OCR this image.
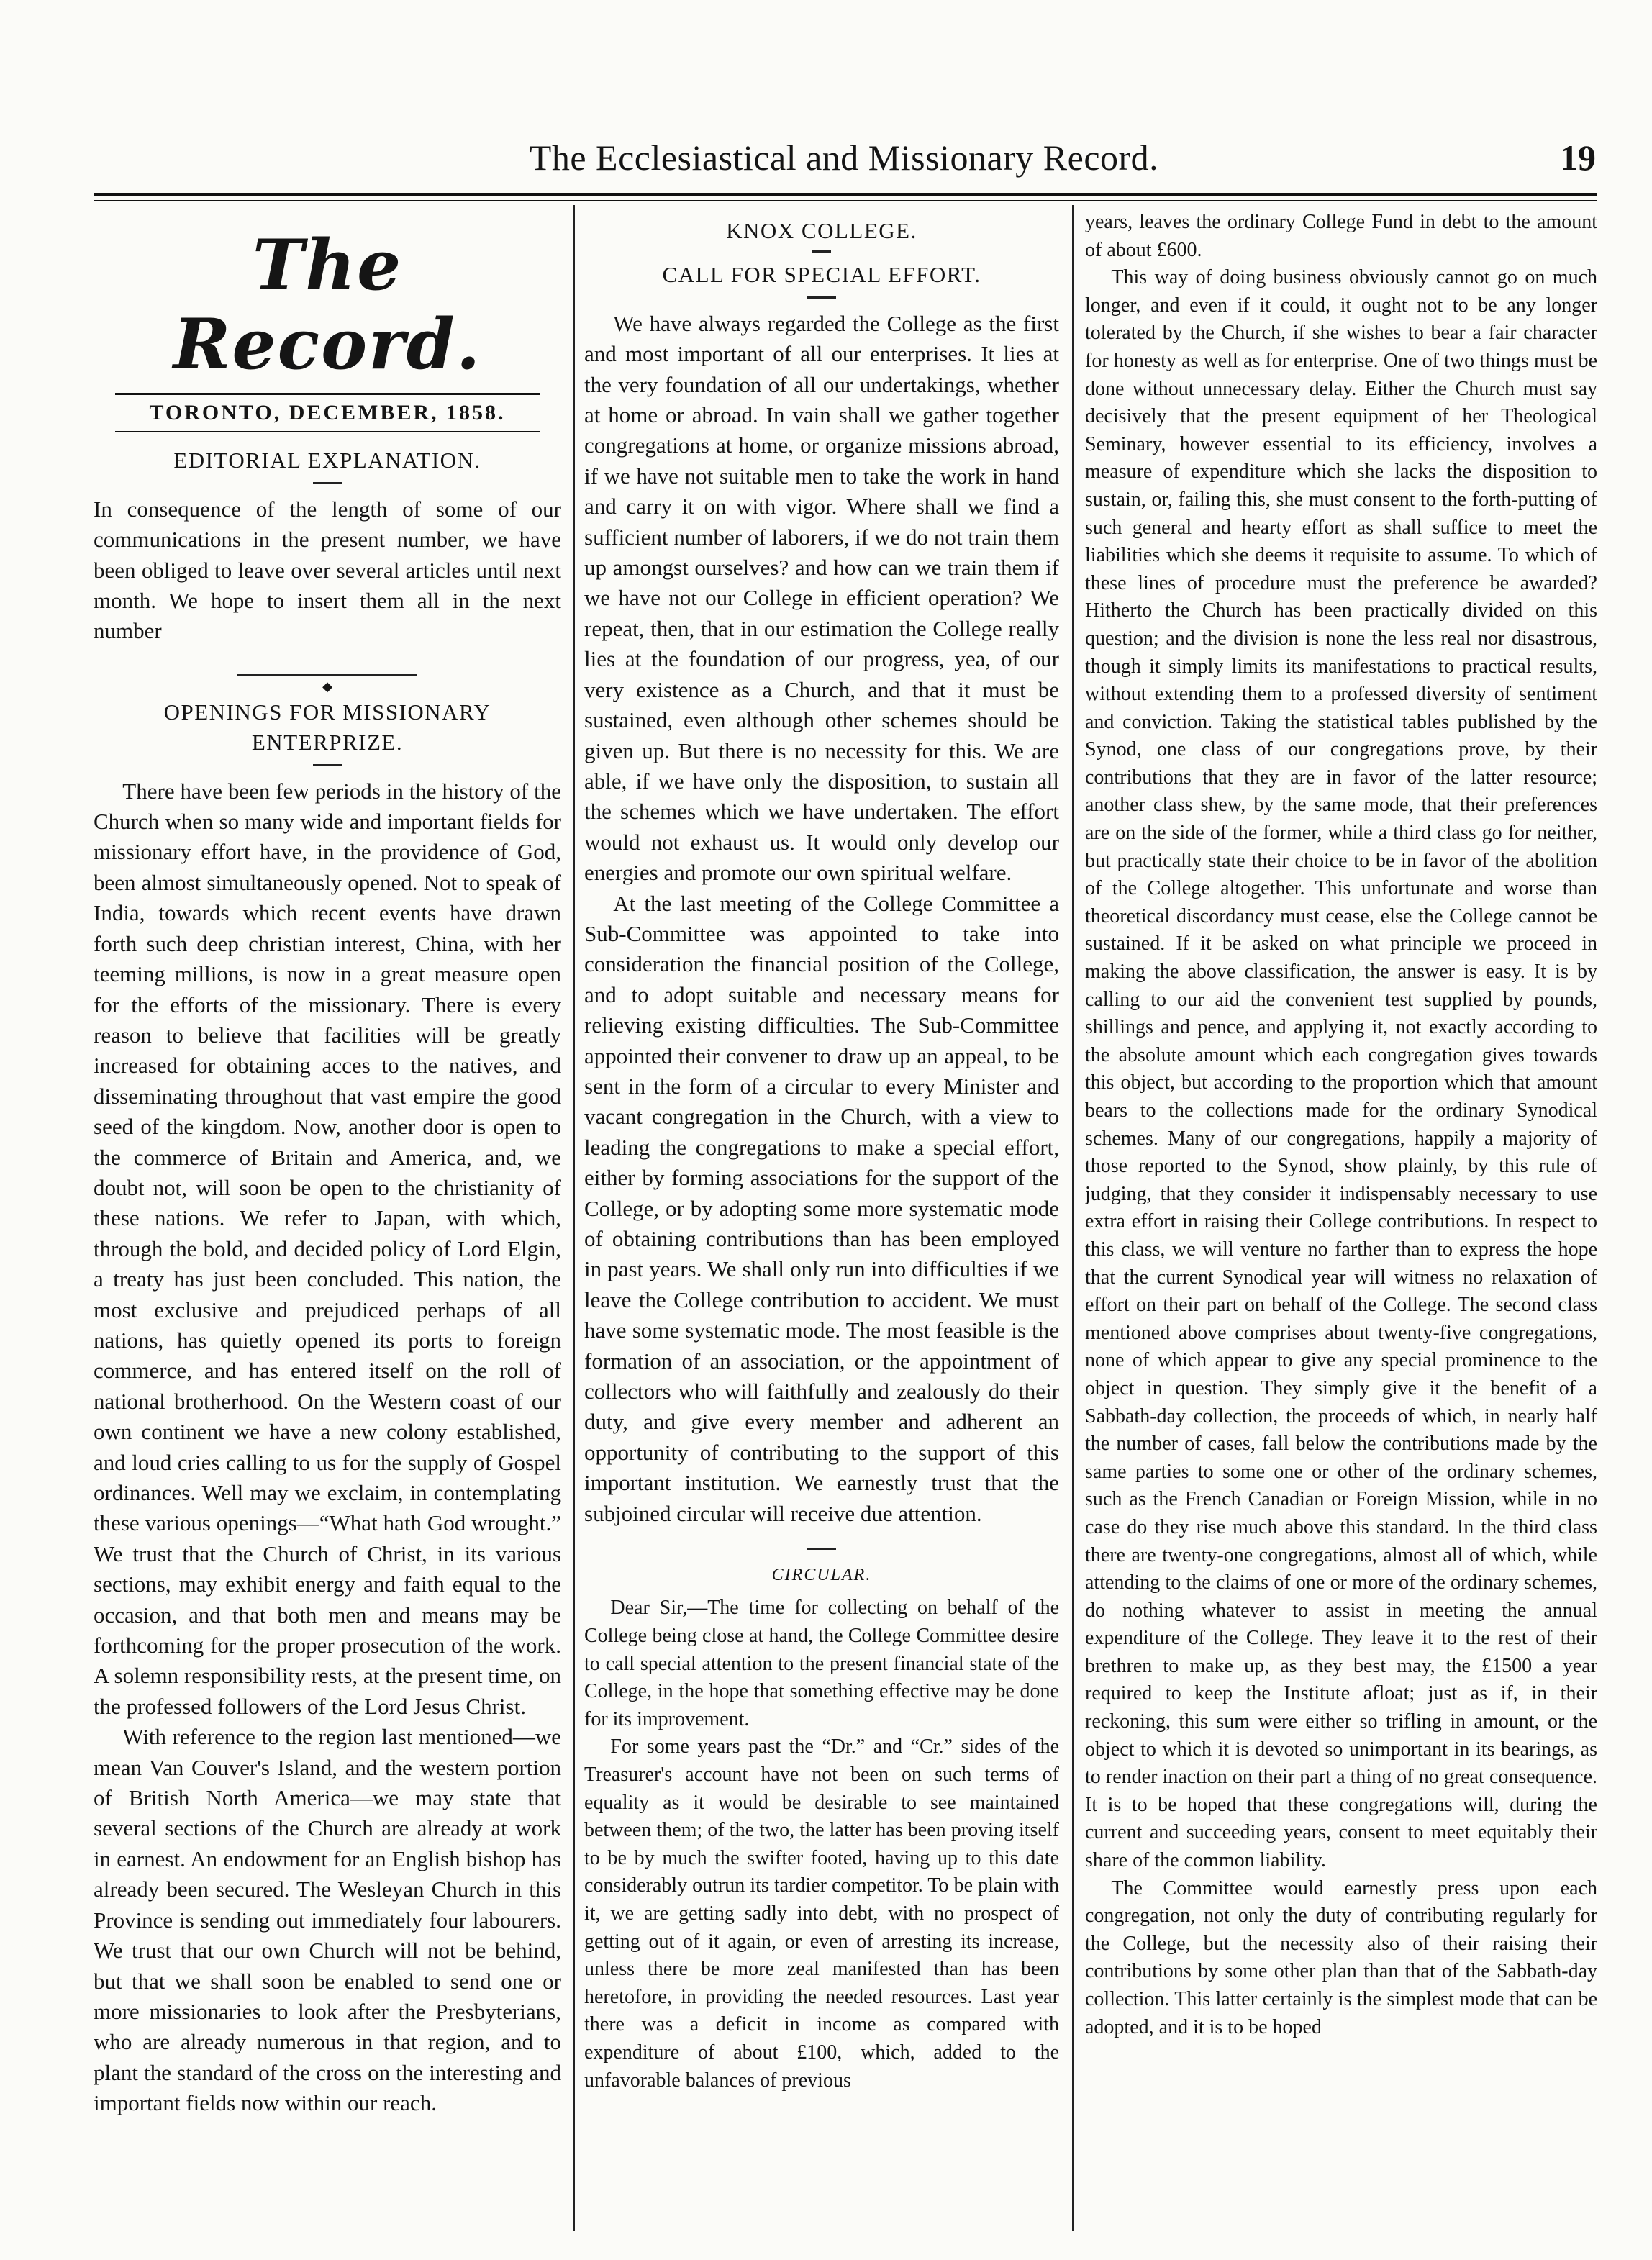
The Ecclesiastical and Missionary Record.	19
The Record.
TORONTO, DECEMBER, 1858.
EDITORIAL EXPLANATION.

In consequence of the length of some of our communications in the present number, we have been obliged to leave over several articles until next month. We hope to insert them all in the next number

◆
OPENINGS FOR MISSIONARY ENTERPRIZE.

There have been few periods in the history of the Church when so many wide and important fields for missionary effort have, in the providence of God, been almost simultaneously opened. Not to speak of India, towards which recent events have drawn forth such deep christian interest, China, with her teeming millions, is now in a great measure open for the efforts of the missionary. There is every reason to believe that facilities will be greatly increased for obtaining acces to the natives, and disseminating throughout that vast empire the good seed of the kingdom. Now, another door is open to the commerce of Britain and America, and, we doubt not, will soon be open to the christianity of these nations. We refer to Japan, with which, through the bold, and decided policy of Lord Elgin, a treaty has just been concluded. This nation, the most exclusive and prejudiced perhaps of all nations, has quietly opened its ports to foreign commerce, and has entered itself on the roll of national brotherhood. On the Western coast of our own continent we have a new colony established, and loud cries calling to us for the supply of Gospel ordinances. Well may we exclaim, in contemplating these various openings—“What hath God wrought.” We trust that the Church of Christ, in its various sections, may exhibit energy and faith equal to the occasion, and that both men and means may be forthcoming for the proper prosecution of the work. A solemn responsibility rests, at the present time, on the professed followers of the Lord Jesus Christ.

With reference to the region last mentioned—we mean Van Couver's Island, and the western portion of British North America—we may state that several sections of the Church are already at work in earnest. An endowment for an English bishop has already been secured. The Wesleyan Church in this Province is sending out immediately four labourers. We trust that our own Church will not be behind, but that we shall soon be enabled to send one or more missionaries to look after the Presbyterians, who are already numerous in that region, and to plant the standard of the cross on the interesting and important fields now within our reach.

KNOX COLLEGE.
CALL FOR SPECIAL EFFORT.

We have always regarded the College as the first and most important of all our enterprises. It lies at the very foundation of all our undertakings, whether at home or abroad. In vain shall we gather together congregations at home, or organize missions abroad, if we have not suitable men to take the work in hand and carry it on with vigor. Where shall we find a sufficient number of laborers, if we do not train them up amongst ourselves? and how can we train them if we have not our College in efficient operation? We repeat, then, that in our estimation the College really lies at the foundation of our progress, yea, of our very existence as a Church, and that it must be sustained, even although other schemes should be given up. But there is no necessity for this. We are able, if we have only the disposition, to sustain all the schemes which we have undertaken. The effort would not exhaust us. It would only develop our energies and promote our own spiritual welfare.

At the last meeting of the College Committee a Sub-Committee was appointed to take into consideration the financial position of the College, and to adopt suitable and necessary means for relieving existing difficulties. The Sub-Committee appointed their convener to draw up an appeal, to be sent in the form of a circular to every Minister and vacant congregation in the Church, with a view to leading the congregations to make a special effort, either by forming associations for the support of the College, or by adopting some more systematic mode of obtaining contributions than has been employed in past years. We shall only run into difficulties if we leave the College contribution to accident. We must have some systematic mode. The most feasible is the formation of an association, or the appointment of collectors who will faithfully and zealously do their duty, and give every member and adherent an opportunity of contributing to the support of this important institution. We earnestly trust that the subjoined circular will receive due attention.

CIRCULAR.

Dear Sir,—The time for collecting on behalf of the College being close at hand, the College Committee desire to call special attention to the present financial state of the College, in the hope that something effective may be done for its improvement.

For some years past the “Dr.” and “Cr.” sides of the Treasurer's account have not been on such terms of equality as it would be desirable to see maintained between them; of the two, the latter has been proving itself to be by much the swifter footed, having up to this date considerably outrun its tardier competitor. To be plain with it, we are getting sadly into debt, with no prospect of getting out of it again, or even of arresting its increase, unless there be more zeal manifested than has been heretofore, in providing the needed resources. Last year there was a deficit in income as compared with expenditure of about £100, which, added to the unfavorable balances of previous

years, leaves the ordinary College Fund in debt to the amount of about £600.

This way of doing business obviously cannot go on much longer, and even if it could, it ought not to be any longer tolerated by the Church, if she wishes to bear a fair character for honesty as well as for enterprise. One of two things must be done without unnecessary delay. Either the Church must say decisively that the present equipment of her Theological Seminary, however essential to its efficiency, involves a measure of expenditure which she lacks the disposition to sustain, or, failing this, she must consent to the forth-putting of such general and hearty effort as shall suffice to meet the liabilities which she deems it requisite to assume. To which of these lines of procedure must the preference be awarded? Hitherto the Church has been practically divided on this question; and the division is none the less real nor disastrous, though it simply limits its manifestations to practical results, without extending them to a professed diversity of sentiment and conviction. Taking the statistical tables published by the Synod, one class of our congregations prove, by their contributions that they are in favor of the latter resource; another class shew, by the same mode, that their preferences are on the side of the former, while a third class go for neither, but practically state their choice to be in favor of the abolition of the College altogether. This unfortunate and worse than theoretical discordancy must cease, else the College cannot be sustained. If it be asked on what principle we proceed in making the above classification, the answer is easy. It is by calling to our aid the convenient test supplied by pounds, shillings and pence, and applying it, not exactly according to the absolute amount which each congregation gives towards this object, but according to the proportion which that amount bears to the collections made for the ordinary Synodical schemes. Many of our congregations, happily a majority of those reported to the Synod, show plainly, by this rule of judging, that they consider it indispensably necessary to use extra effort in raising their College contributions. In respect to this class, we will venture no farther than to express the hope that the current Synodical year will witness no relaxation of effort on their part on behalf of the College. The second class mentioned above comprises about twenty-five congregations, none of which appear to give any special prominence to the object in question. They simply give it the benefit of a Sabbath-day collection, the proceeds of which, in nearly half the number of cases, fall below the contributions made by the same parties to some one or other of the ordinary schemes, such as the French Canadian or Foreign Mission, while in no case do they rise much above this standard. In the third class there are twenty-one congregations, almost all of which, while attending to the claims of one or more of the ordinary schemes, do nothing whatever to assist in meeting the annual expenditure of the College. They leave it to the rest of their brethren to make up, as they best may, the £1500 a year required to keep the Institute afloat; just as if, in their reckoning, this sum were either so trifling in amount, or the object to which it is devoted so unimportant in its bearings, as to render inaction on their part a thing of no great consequence. It is to be hoped that these congregations will, during the current and succeeding years, consent to meet equitably their share of the common liability.

The Committee would earnestly press upon each congregation, not only the duty of contributing regularly for the College, but the necessity also of their raising their contributions by some other plan than that of the Sabbath-day collection. This latter certainly is the simplest mode that can be adopted, and it is to be hoped
